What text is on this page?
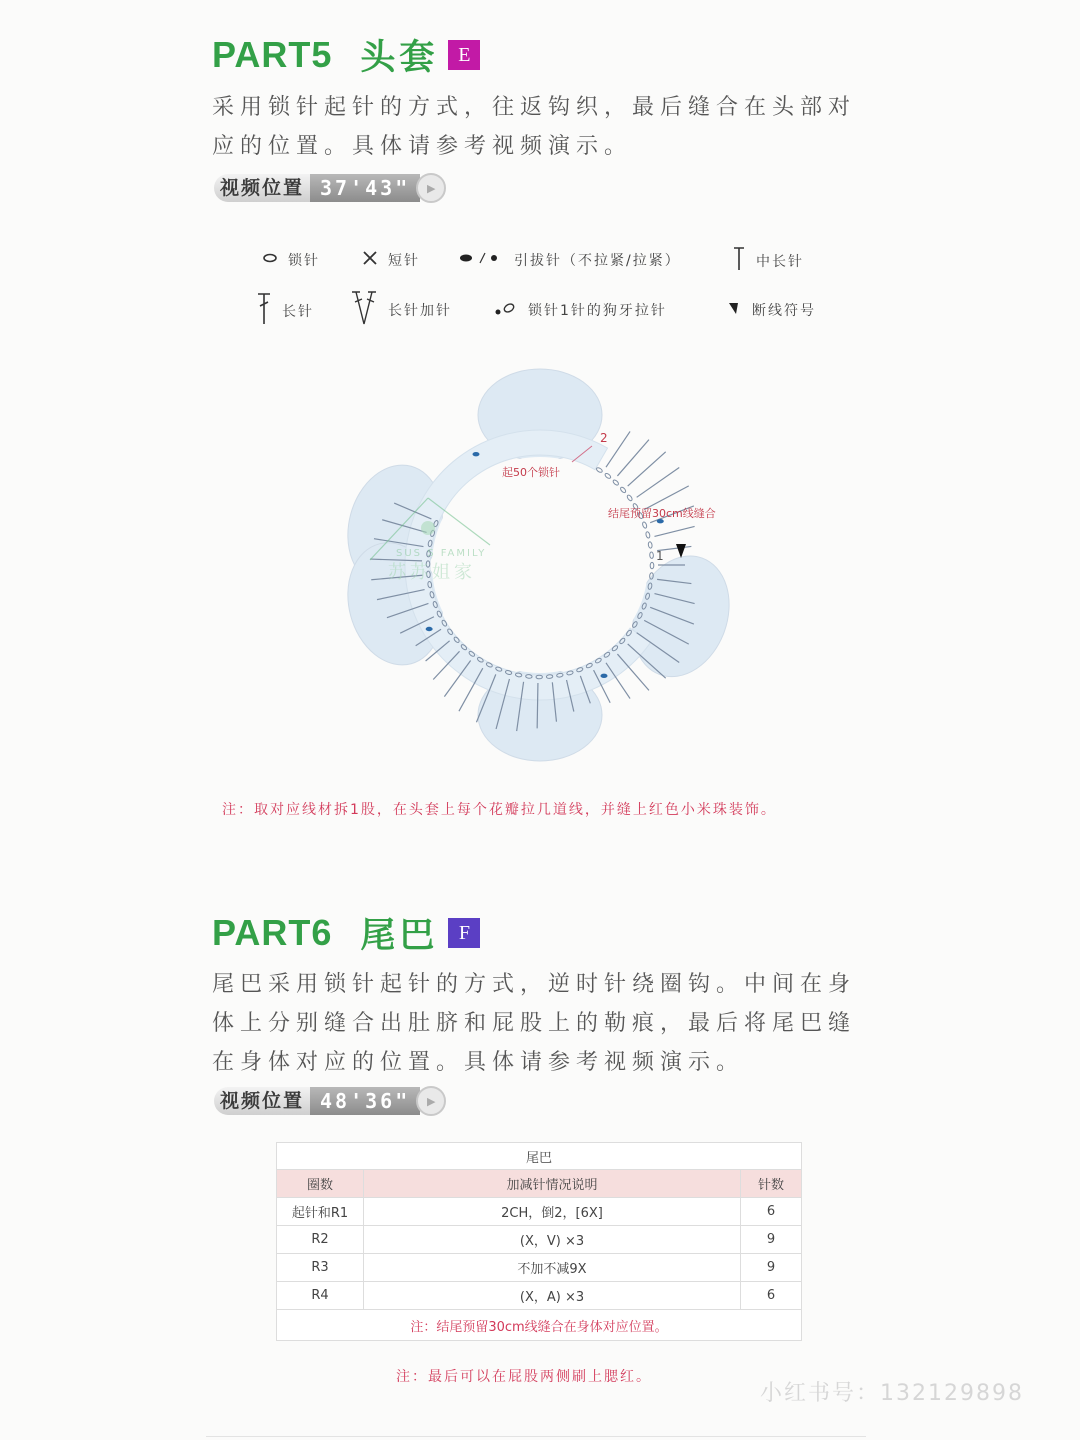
PART5 头套 E

采用锁针起针的方式，往返钩织，最后缝合在头部对应的位置。具体请参考视频演示。

视频位置 37'43"	▶
锁针	短针	引拔针（不拉紧/拉紧）	中长针
长针	长针加针	锁针1针的狗牙拉针	断线符号
起50个锁针
结尾预留30cm线缝合
1
2
SUS S FAMILY
苏苏姐家
注：取对应线材拆1股，在头套上每个花瓣拉几道线，并缝上红色小米珠装饰。
PART6 尾巴	F

尾巴采用锁针起针的方式，逆时针绕圈钩。中间在身体上分别缝合出肚脐和屁股上的勒痕，最后将尾巴缝在身体对应的位置。具体请参考视频演示。

视频位置 48'36"	▶
尾巴		
圈数	加减针情况说明	针数
起针和R1	2CH，倒2，[6X]	6
R2	(X，V) ×3	9
R3	不加不减9X	9
R4	(X，A) ×3	6
注：结尾预留30cm线缝合在身体对应位置。		
注：最后可以在屁股两侧刷上腮红。
小红书号：132129898
